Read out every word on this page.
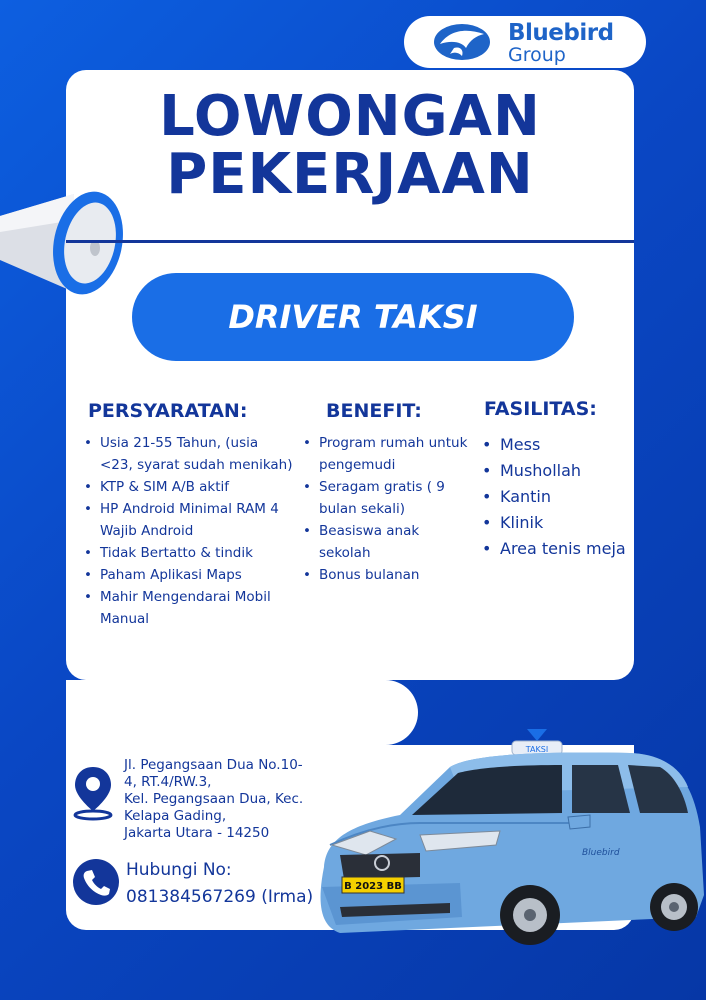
Bluebird
Group
LOWONGAN
PEKERJAAN
DRIVER TAKSI
PERSYARATAN:
• Usia 21-55 Tahun, (usia <23, syarat sudah menikah)
• KTP & SIM A/B aktif
• HP Android Minimal RAM 4 Wajib Android
• Tidak Bertatto & tindik
• Paham Aplikasi Maps
• Mahir Mengendarai Mobil Manual
BENEFIT:
• Program rumah untuk pengemudi
• Seragam gratis ( 9 bulan sekali)
• Beasiswa anak sekolah
• Bonus bulanan
FASILITAS:
• Mess
• Mushollah
• Kantin
• Klinik
• Area tenis meja
Jl. Pegangsaan Dua No.10-
4, RT.4/RW.3,
Kel. Pegangsaan Dua, Kec.
Kelapa Gading,
Jakarta Utara - 14250
Hubungi No:
081384567269 (Irma)
TAKSI
B 2023 BB
Bluebird
